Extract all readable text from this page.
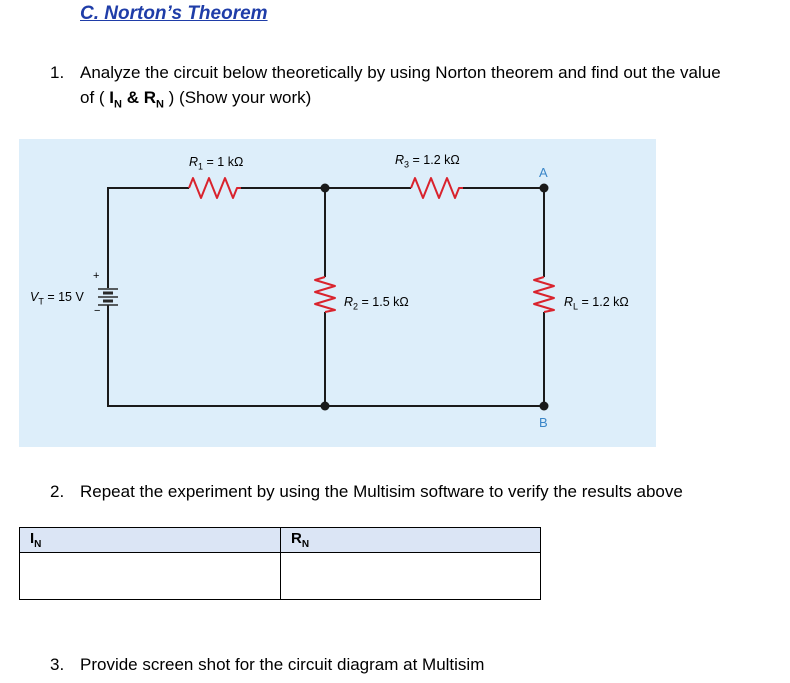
C. Norton’s Theorem
1. Analyze the circuit below theoretically by using Norton theorem and find out the value
of ( $I_N$ & $R_N$ ) (Show your work)
$R_1 = 1$ kΩ	$R_3 = 1.2$ kΩ
$R_2 = 1.5$ kΩ	$R_L = 1.2$ kΩ
$V_T = 15$ V
+
−
A
B
2. Repeat the experiment by using the Multisim software to verify the results above
$I_N$	$R_N$

3. Provide screen shot for the circuit diagram at Multisim
